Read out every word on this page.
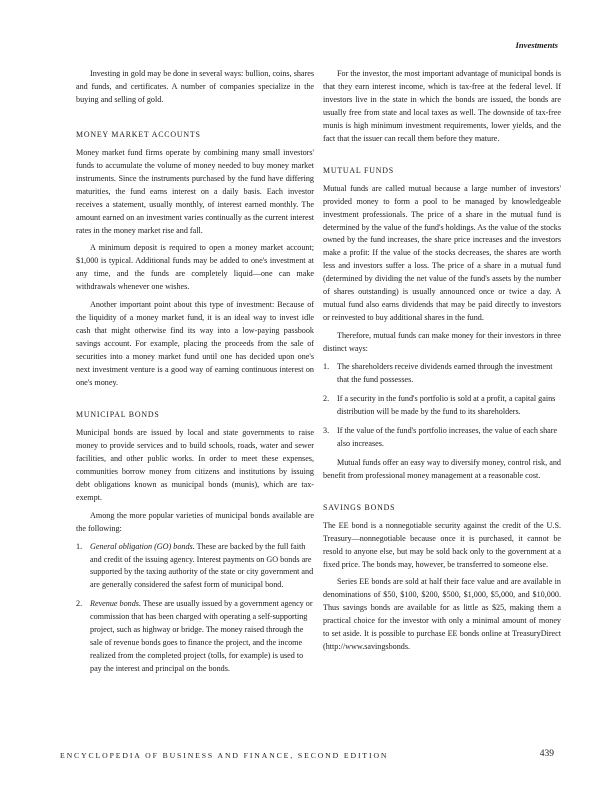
Investments

Investing in gold may be done in several ways: bullion, coins, shares and funds, and certificates. A number of companies specialize in the buying and selling of gold.

MONEY MARKET ACCOUNTS

Money market fund firms operate by combining many small investors' funds to accumulate the volume of money needed to buy money market instruments. Since the instruments purchased by the fund have differing maturities, the fund earns interest on a daily basis. Each investor receives a statement, usually monthly, of interest earned monthly. The amount earned on an investment varies continually as the current interest rates in the money market rise and fall.

A minimum deposit is required to open a money market account; $1,000 is typical. Additional funds may be added to one's investment at any time, and the funds are completely liquid—one can make withdrawals whenever one wishes.

Another important point about this type of investment: Because of the liquidity of a money market fund, it is an ideal way to invest idle cash that might otherwise find its way into a low-paying passbook savings account. For example, placing the proceeds from the sale of securities into a money market fund until one has decided upon one's next investment venture is a good way of earning continuous interest on one's money.

MUNICIPAL BONDS

Municipal bonds are issued by local and state governments to raise money to provide services and to build schools, roads, water and sewer facilities, and other public works. In order to meet these expenses, communities borrow money from citizens and institutions by issuing debt obligations known as municipal bonds (munis), which are tax-exempt.

Among the more popular varieties of municipal bonds available are the following:

1. General obligation (GO) bonds. These are backed by the full faith and credit of the issuing agency. Interest payments on GO bonds are supported by the taxing authority of the state or city government and are generally considered the safest form of municipal bond.
2. Revenue bonds. These are usually issued by a government agency or commission that has been charged with operating a self-supporting project, such as highway or bridge. The money raised through the sale of revenue bonds goes to finance the project, and the income realized from the completed project (tolls, for example) is used to pay the interest and principal on the bonds.

For the investor, the most important advantage of municipal bonds is that they earn interest income, which is tax-free at the federal level. If investors live in the state in which the bonds are issued, the bonds are usually free from state and local taxes as well. The downside of tax-free munis is high minimum investment requirements, lower yields, and the fact that the issuer can recall them before they mature.

MUTUAL FUNDS

Mutual funds are called mutual because a large number of investors' provided money to form a pool to be managed by knowledgeable investment professionals. The price of a share in the mutual fund is determined by the value of the fund's holdings. As the value of the stocks owned by the fund increases, the share price increases and the investors make a profit: If the value of the stocks decreases, the shares are worth less and investors suffer a loss. The price of a share in a mutual fund (determined by dividing the net value of the fund's assets by the number of shares outstanding) is usually announced once or twice a day. A mutual fund also earns dividends that may be paid directly to investors or reinvested to buy additional shares in the fund.

Therefore, mutual funds can make money for their investors in three distinct ways:

1. The shareholders receive dividends earned through the investment that the fund possesses.
2. If a security in the fund's portfolio is sold at a profit, a capital gains distribution will be made by the fund to its shareholders.
3. If the value of the fund's portfolio increases, the value of each share also increases.

Mutual funds offer an easy way to diversify money, control risk, and benefit from professional money management at a reasonable cost.

SAVINGS BONDS

The EE bond is a nonnegotiable security against the credit of the U.S. Treasury—nonnegotiable because once it is purchased, it cannot be resold to anyone else, but may be sold back only to the government at a fixed price. The bonds may, however, be transferred to someone else.

Series EE bonds are sold at half their face value and are available in denominations of $50, $100, $200, $500, $1,000, $5,000, and $10,000. Thus savings bonds are available for as little as $25, making them a practical choice for the investor with only a minimal amount of money to set aside. It is possible to purchase EE bonds online at TreasuryDirect (http://www.savingsbonds.

ENCYCLOPEDIA OF BUSINESS AND FINANCE, SECOND EDITION	439
